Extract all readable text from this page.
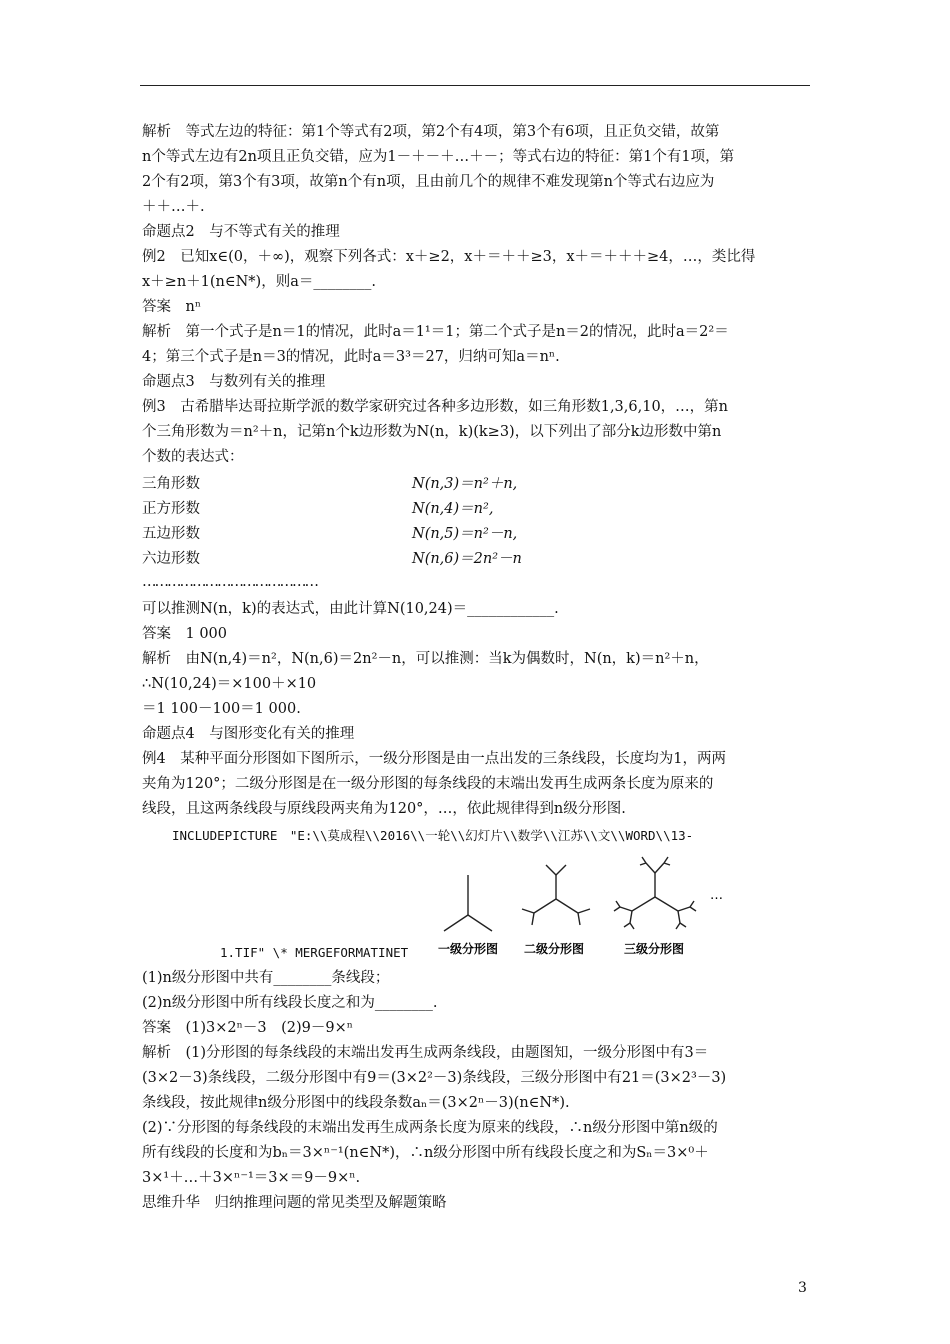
解析　等式左边的特征：第1个等式有2项，第2个有4项，第3个有6项，且正负交错，故第
n个等式左边有2n项且正负交错，应为1－＋－＋…＋－；等式右边的特征：第1个有1项，第
2个有2项，第3个有3项，故第n个有n项，且由前几个的规律不难发现第n个等式右边应为
＋＋…＋.
命题点2　与不等式有关的推理
例2　已知x∈(0，＋∞)，观察下列各式：x＋≥2，x＋＝＋＋≥3，x＋＝＋＋＋≥4，…，类比得
x＋≥n＋1(n∈N*)，则a＝________.
答案　nⁿ
解析　第一个式子是n＝1的情况，此时a＝1¹＝1；第二个式子是n＝2的情况，此时a＝2²＝
4；第三个式子是n＝3的情况，此时a＝3³＝27，归纳可知a＝nⁿ.
命题点3　与数列有关的推理
例3　古希腊毕达哥拉斯学派的数学家研究过各种多边形数，如三角形数1,3,6,10，…，第n
个三角形数为＝n²＋n，记第n个k边形数为N(n，k)(k≥3)，以下列出了部分k边形数中第n
个数的表达式：
三角形数	N(n,3)＝n²＋n,
正方形数	N(n,4)＝n²,
五边形数	N(n,5)＝n²－n,
六边形数	N(n,6)＝2n²－n
……………………………………
可以推测N(n，k)的表达式，由此计算N(10,24)＝____________.
答案　1 000
解析　由N(n,4)＝n²，N(n,6)＝2n²－n，可以推测：当k为偶数时，N(n，k)＝n²＋n，
∴N(10,24)＝×100＋×10
＝1 100－100＝1 000.
命题点4　与图形变化有关的推理
例4　某种平面分形图如下图所示，一级分形图是由一点出发的三条线段，长度均为1，两两
夹角为120°；二级分形图是在一级分形图的每条线段的末端出发再生成两条长度为原来的
线段，且这两条线段与原线段两夹角为120°，…，依此规律得到n级分形图.
INCLUDEPICTURE　"E:\\莫成程\\2016\\一轮\\幻灯片\\数学\\江苏\\文\\WORD\\13-
…
一级分形图 二级分形图	三级分形图
1.TIF" \* MERGEFORMATINET
(1)n级分形图中共有________条线段；
(2)n级分形图中所有线段长度之和为________.
答案　(1)3×2ⁿ－3　(2)9－9×ⁿ
解析　(1)分形图的每条线段的末端出发再生成两条线段，由题图知，一级分形图中有3＝
(3×2－3)条线段，二级分形图中有9＝(3×2²－3)条线段，三级分形图中有21＝(3×2³－3)
条线段，按此规律n级分形图中的线段条数aₙ＝(3×2ⁿ－3)(n∈N*).
(2)∵分形图的每条线段的末端出发再生成两条长度为原来的线段，∴n级分形图中第n级的
所有线段的长度和为bₙ＝3×ⁿ⁻¹(n∈N*)，∴n级分形图中所有线段长度之和为Sₙ＝3×⁰＋
3×¹＋…＋3×ⁿ⁻¹＝3×＝9－9×ⁿ.
思维升华　归纳推理问题的常见类型及解题策略
3
